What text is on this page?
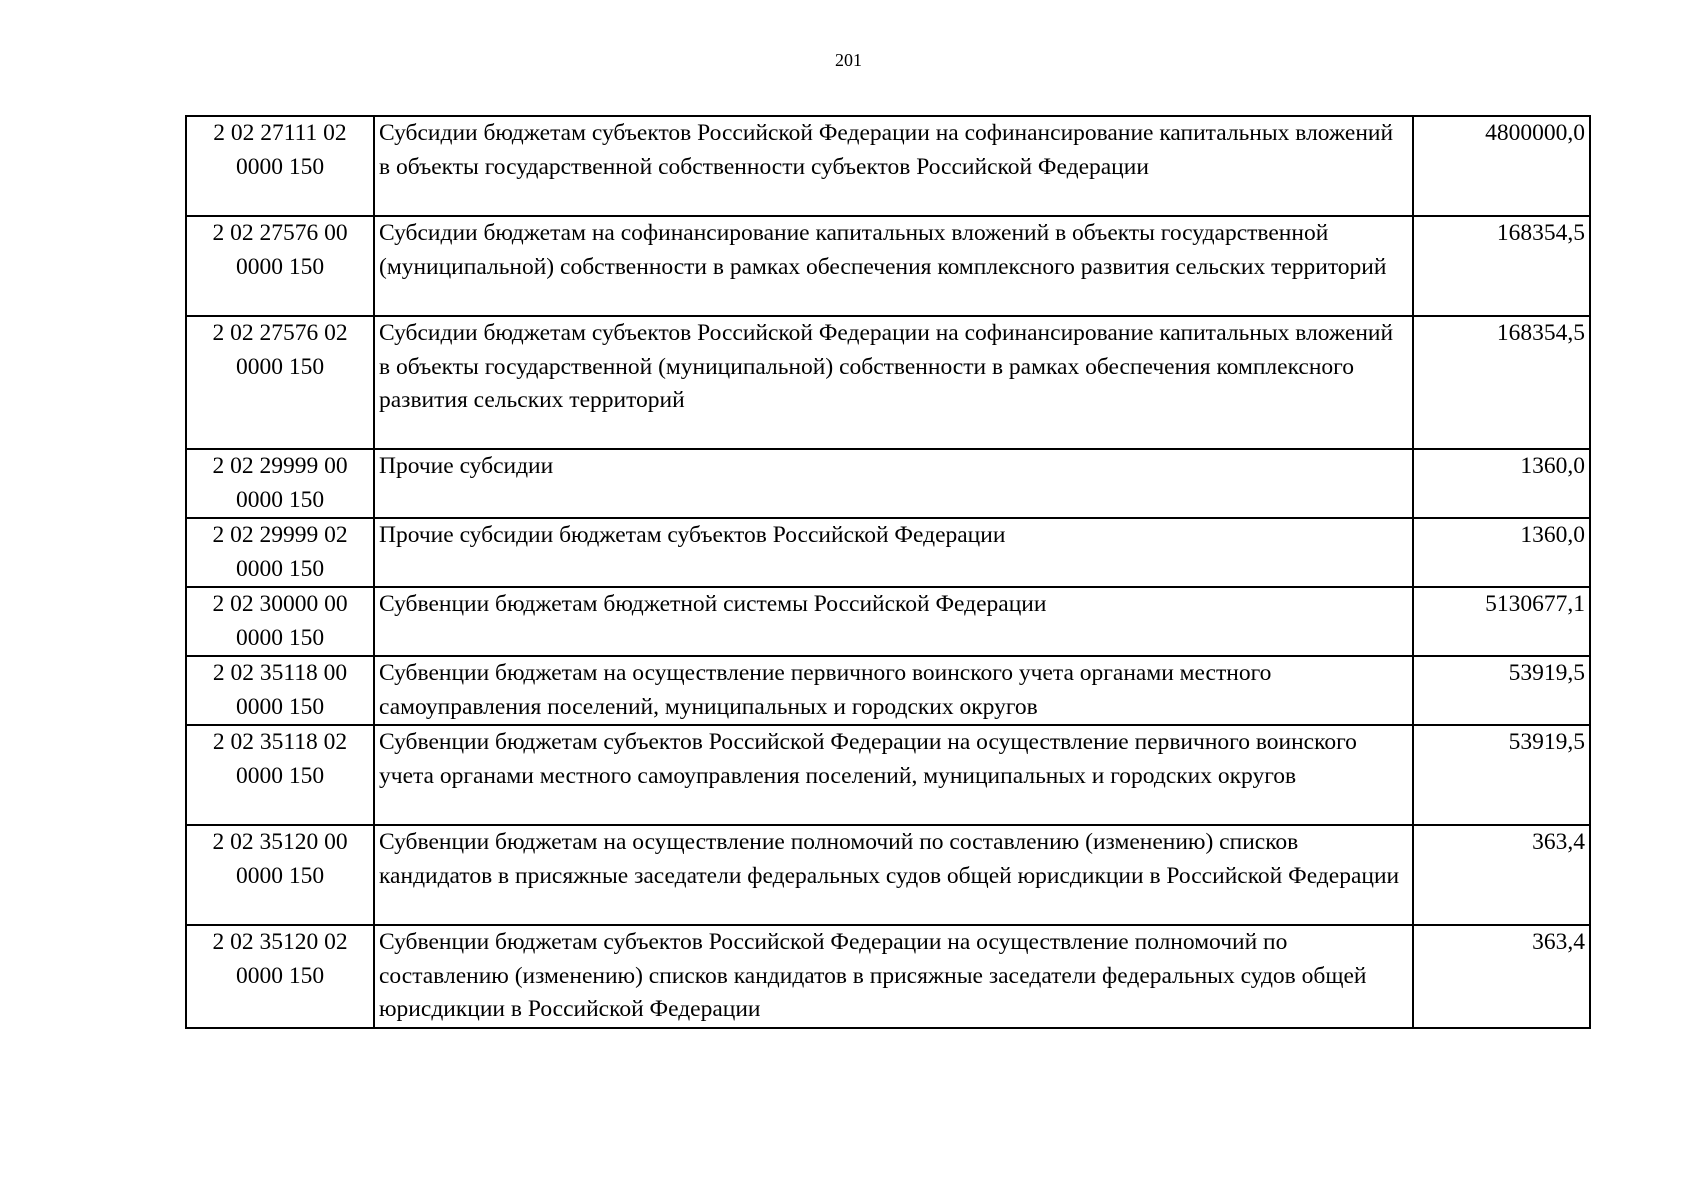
201
2 02 27111 02 0000 150	Субсидии бюджетам субъектов Российской Федерации на софинансирование капитальных вложений в объекты государственной собственности субъектов Российской Федерации	4800000,0
2 02 27576 00 0000 150	Субсидии бюджетам на софинансирование капитальных вложений в объекты государственной (муниципальной) собственности в рамках обеспечения комплексного развития сельских территорий	168354,5
2 02 27576 02 0000 150	Субсидии бюджетам субъектов Российской Федерации на софинансирование капитальных вложений в объекты государственной (муниципальной) собственности в рамках обеспечения комплексного развития сельских территорий	168354,5
2 02 29999 00 0000 150	Прочие субсидии	1360,0
2 02 29999 02 0000 150	Прочие субсидии бюджетам субъектов Российской Федерации	1360,0
2 02 30000 00 0000 150	Субвенции бюджетам бюджетной системы Российской Федерации	5130677,1
2 02 35118 00 0000 150	Субвенции бюджетам на осуществление первичного воинского учета органами местного самоуправления поселений, муниципальных и городских округов	53919,5
2 02 35118 02 0000 150	Субвенции бюджетам субъектов Российской Федерации на осуществление первичного воинского учета органами местного самоуправления поселений, муниципальных и городских округов	53919,5
2 02 35120 00 0000 150	Субвенции бюджетам на осуществление полномочий по составлению (изменению) списков кандидатов в присяжные заседатели федеральных судов общей юрисдикции в Российской Федерации	363,4
2 02 35120 02 0000 150	Субвенции бюджетам субъектов Российской Федерации на осуществление полномочий по составлению (изменению) списков кандидатов в присяжные заседатели федеральных судов общей юрисдикции в Российской Федерации	363,4
